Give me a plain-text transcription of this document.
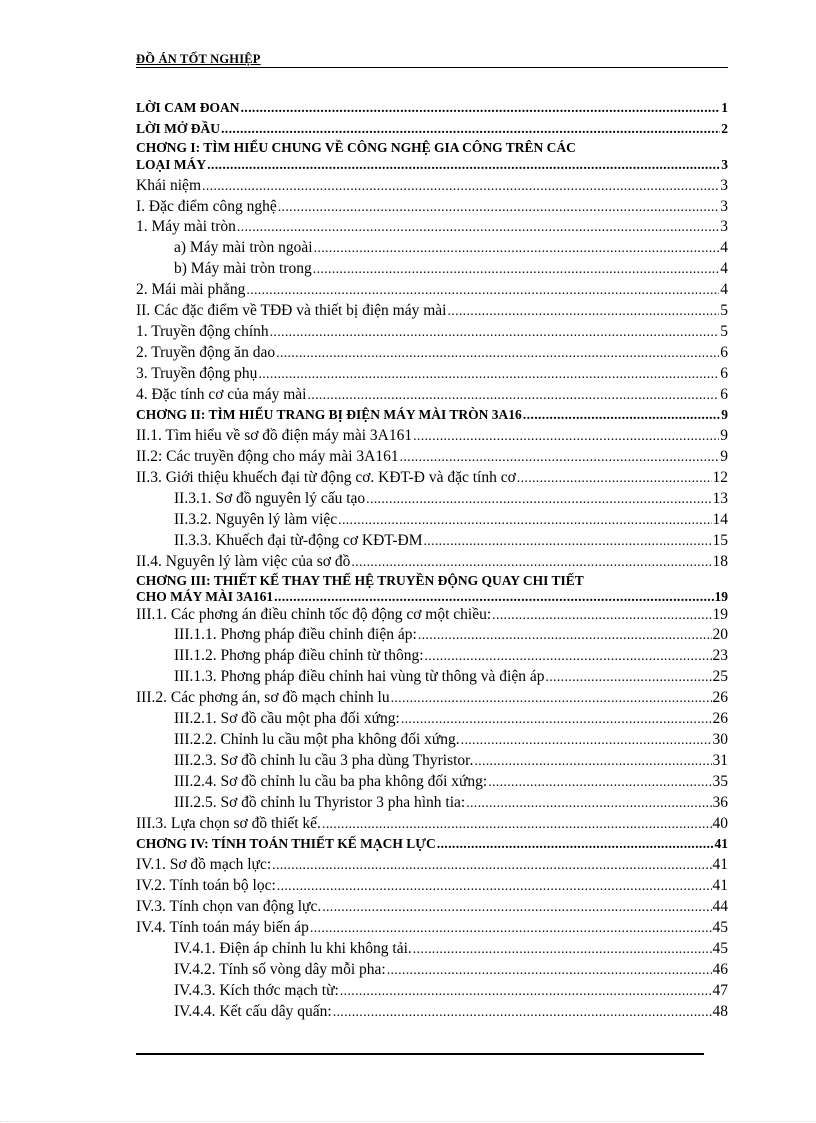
ĐỒ ÁN TỐT NGHIỆP
LỜI CAM ĐOAN . . .	1
LỜI MỞ ĐẦU . . .	2
CHƠNG I: TÌM HIỂU CHUNG VỀ CÔNG NGHỆ GIA CÔNG TRÊN CÁC
LOẠI MÁY . . .	3
Khái niệm . . .	3
I. Đặc điểm công nghệ . . .	3
1. Máy mài tròn . . .	3
a) Máy mài tròn ngoài . . .	4
b) Máy mài tròn trong . . .	4
2. Mái mài phẳng . . .	4
II. Các đặc điểm về TĐĐ và thiết bị điện máy mài . . .	5
1. Truyền động chính . . .	5
2. Truyền động ăn dao . . .	6
3. Truyền động phụ . . .	6
4. Đặc tính cơ của máy mài . . .	6
CHƠNG II: TÌM HIỂU TRANG BỊ ĐIỆN MÁY MÀI TRÒN 3A16 . . .	9
II.1. Tìm hiểu về sơ đồ điện máy mài 3A161 . . .	9
II.2: Các truyền động cho máy mài 3A161 . . .	9
II.3. Giới thiệu khuếch đại từ động cơ. KĐT-Đ và đặc tính cơ . . .	12
II.3.1. Sơ đồ nguyên lý cấu tạo . . .	13
II.3.2. Nguyên lý làm việc . . .	14
II.3.3. Khuếch đại từ-động cơ KĐT-ĐM . . .	15
II.4. Nguyên lý làm việc của sơ đồ . . .	18
CHƠNG III: THIẾT KẾ THAY THẾ HỆ TRUYỀN ĐỘNG QUAY CHI TIẾT
CHO MÁY MÀI 3A161 . . .	19
III.1. Các phơng án điều chỉnh tốc độ động cơ một chiều: . . .	19
III.1.1. Phơng pháp điều chỉnh điện áp: . . .	20
III.1.2. Phơng pháp điều chỉnh từ thông: . . .	23
III.1.3. Phơng pháp điều chỉnh hai vùng từ thông và điện áp . . .	25
III.2. Các phơng án, sơ đồ mạch chỉnh lu . . .	26
III.2.1. Sơ đồ cầu một pha đối xứng: . . .	26
III.2.2. Chỉnh lu cầu một pha không đối xứng. . . .	30
III.2.3. Sơ đồ chỉnh lu cầu 3 pha dùng Thyristor. . . .	31
III.2.4. Sơ đồ chỉnh lu cầu ba pha không đối xứng: . . .	35
III.2.5. Sơ đồ chỉnh lu Thyristor 3 pha hình tia: . . .	36
III.3. Lựa chọn sơ đồ thiết kế. . . .	40
CHƠNG IV: TÍNH TOÁN THIẾT KẾ MẠCH LỰC . . .	41
IV.1. Sơ đồ mạch lực: . . .	41
IV.2. Tính toán bộ lọc: . . .	41
IV.3. Tính chọn van động lực. . . .	44
IV.4. Tính toán máy biến áp . . .	45
IV.4.1. Điện áp chỉnh lu khi không tải. . . .	45
IV.4.2. Tính số vòng dây mỗi pha: . . .	46
IV.4.3. Kích thớc mạch từ: . . .	47
IV.4.4. Kết cấu dây quấn: . . .	48
